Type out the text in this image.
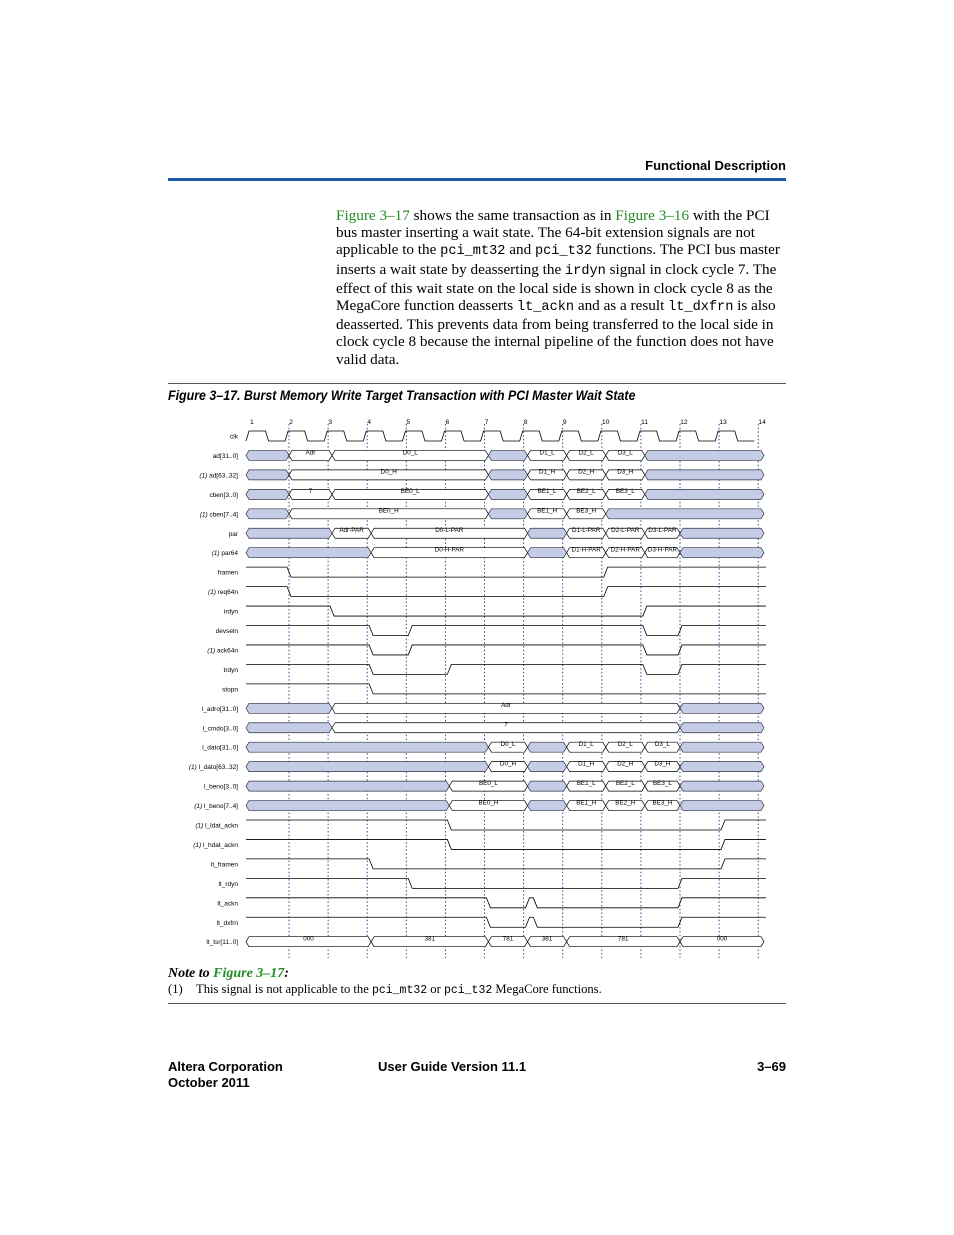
Functional Description
Figure 3–17 shows the same transaction as in Figure 3–16 with the PCI bus master inserting a wait state. The 64-bit extension signals are not applicable to the pci_mt32 and pci_t32 functions. The PCI bus master inserts a wait state by deasserting the irdyn signal in clock cycle 7. The effect of this wait state on the local side is shown in clock cycle 8 as the MegaCore function deasserts lt_ackn and as a result lt_dxfrn is also deasserted. This prevents data from being transferred to the local side in clock cycle 8 because the internal pipeline of the function does not have valid data.
Figure 3–17. Burst Memory Write Target Transaction with PCI Master Wait State
1	2	3	4	5	6	7	8	9	10	11	12	13	14
clk
ad[31..0]
Adr	D0_L	D1_L	D2_L	D3_L
(1) ad[63..32]
D0_H	D1_H	D2_H	D3_H
cben[3..0]
7	BE0_L	BE1_L	BE2_L	BE3_L
(1) cben[7..4]
BE0_H	BE1_H	BE3_H
par
Adr-PAR	D0-L-PAR	D1-L-PAR D2-L-PAR D3-L-PAR
(1) par64
D0-H-PAR	D1-H-PAR D2-H-PAR D3-H-PAR
framen
(1) req64n
irdyn
devseln
(1) ack64n
trdyn
stopn
l_adro[31..0]
Adr
l_cmdo[3..0]
7
l_dato[31..0]
D0_L	D1_L	D2_L	D3_L
(1) l_dato[63..32]
D0_H	D1_H	D2_H	D3_H
l_beno[3..0]
BE0_L	BE1_L	BE2_L	BE3_L
(1) l_beno[7..4]
BE0_H	BE1_H	BE2_H	BE3_H
(1) l_ldat_ackn
(1) l_hdat_ackn
lt_framen
lt_rdyn
lt_ackn
lt_dxfrn
lt_tsr[11..0]
000	381	781	381	781	000
Note to Figure 3–17:
(1) This signal is not applicable to the pci_mt32 or pci_t32 MegaCore functions.
Altera Corporation
October 2011
User Guide Version 11.1	3–69
